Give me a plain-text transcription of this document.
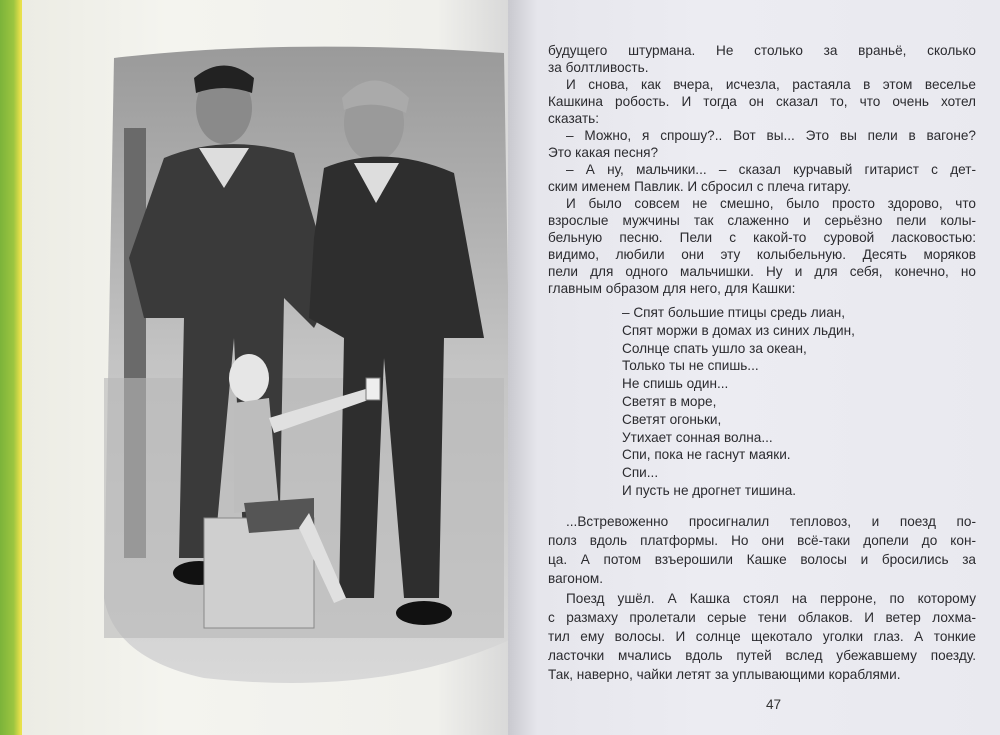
будущего штурмана. Не столько за враньё, сколько
за болтливость.
И снова, как вчера, исчезла, растаяла в этом веселье
Кашкина робость. И тогда он сказал то, что очень хотел
сказать:
– Можно, я спрошу?.. Вот вы... Это вы пели в вагоне?
Это какая песня?
– А ну, мальчики... – сказал курчавый гитарист с дет-
ским именем Павлик. И сбросил с плеча гитару.
И было совсем не смешно, было просто здорово, что
взрослые мужчины так слаженно и серьёзно пели колы-
бельную песню. Пели с какой-то суровой ласковостью:
видимо, любили они эту колыбельную. Десять моряков
пели для одного мальчишки. Ну и для себя, конечно, но
главным образом для него, для Кашки:
– Спят большие птицы средь лиан,
Спят моржи в домах из синих льдин,
Солнце спать ушло за океан,
Только ты не спишь...
Не спишь один...
Светят в море,
Светят огоньки,
Утихает сонная волна...
Спи, пока не гаснут маяки.
Спи...
И пусть не дрогнет тишина.
...Встревоженно просигналил тепловоз, и поезд по-
полз вдоль платформы. Но они всё-таки допели до кон-
ца. А потом взъерошили Кашке волосы и бросились за
вагоном.
Поезд ушёл. А Кашка стоял на перроне, по которому
с размаху пролетали серые тени облаков. И ветер лохма-
тил ему волосы. И солнце щекотало уголки глаз. А тонкие
ласточки мчались вдоль путей вслед убежавшему поезду.
Так, наверно, чайки летят за уплывающими кораблями.
47
